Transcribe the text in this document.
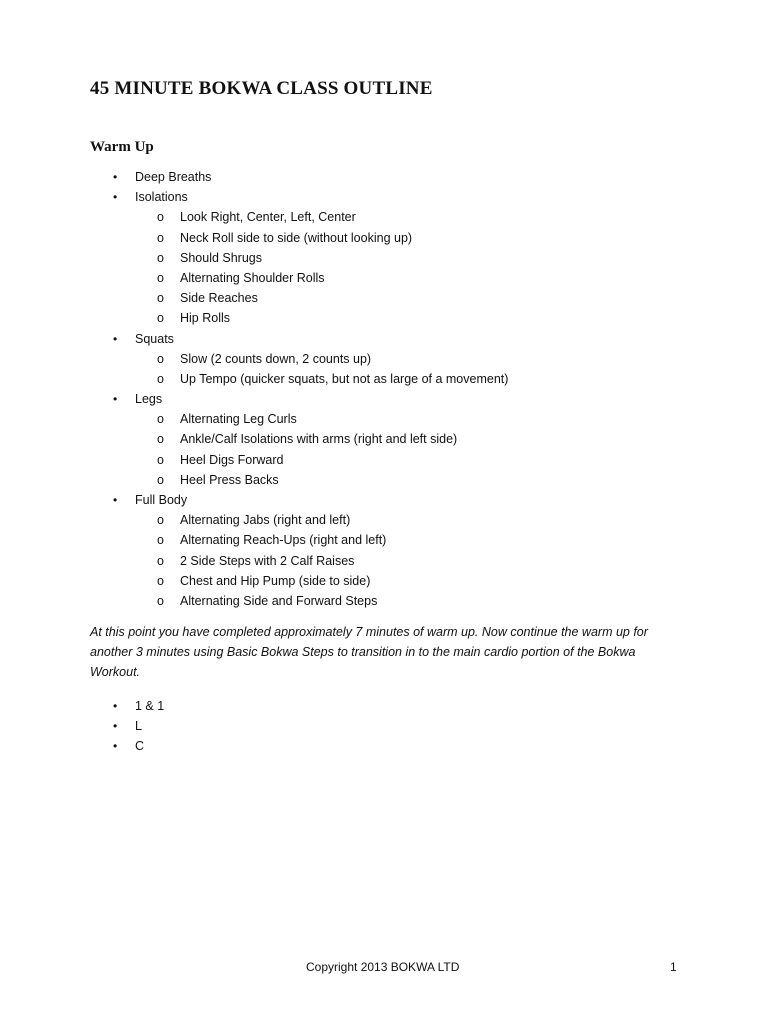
45 MINUTE BOKWA CLASS OUTLINE
Warm Up
• Deep Breaths
• Isolations
o Look Right, Center, Left, Center
o Neck Roll side to side (without looking up)
o Should Shrugs
o Alternating Shoulder Rolls
o Side Reaches
o Hip Rolls
• Squats
o Slow (2 counts down, 2 counts up)
o Up Tempo (quicker squats, but not as large of a movement)
• Legs
o Alternating Leg Curls
o Ankle/Calf Isolations with arms (right and left side)
o Heel Digs Forward
o Heel Press Backs
• Full Body
o Alternating Jabs (right and left)
o Alternating Reach-Ups (right and left)
o 2 Side Steps with 2 Calf Raises
o Chest and Hip Pump (side to side)
o Alternating Side and Forward Steps

At this point you have completed approximately 7 minutes of warm up. Now continue the warm up for another 3 minutes using Basic Bokwa Steps to transition in to the main cardio portion of the Bokwa Workout.

• 1 & 1
• L
• C
Copyright 2013 BOKWA LTD	1
